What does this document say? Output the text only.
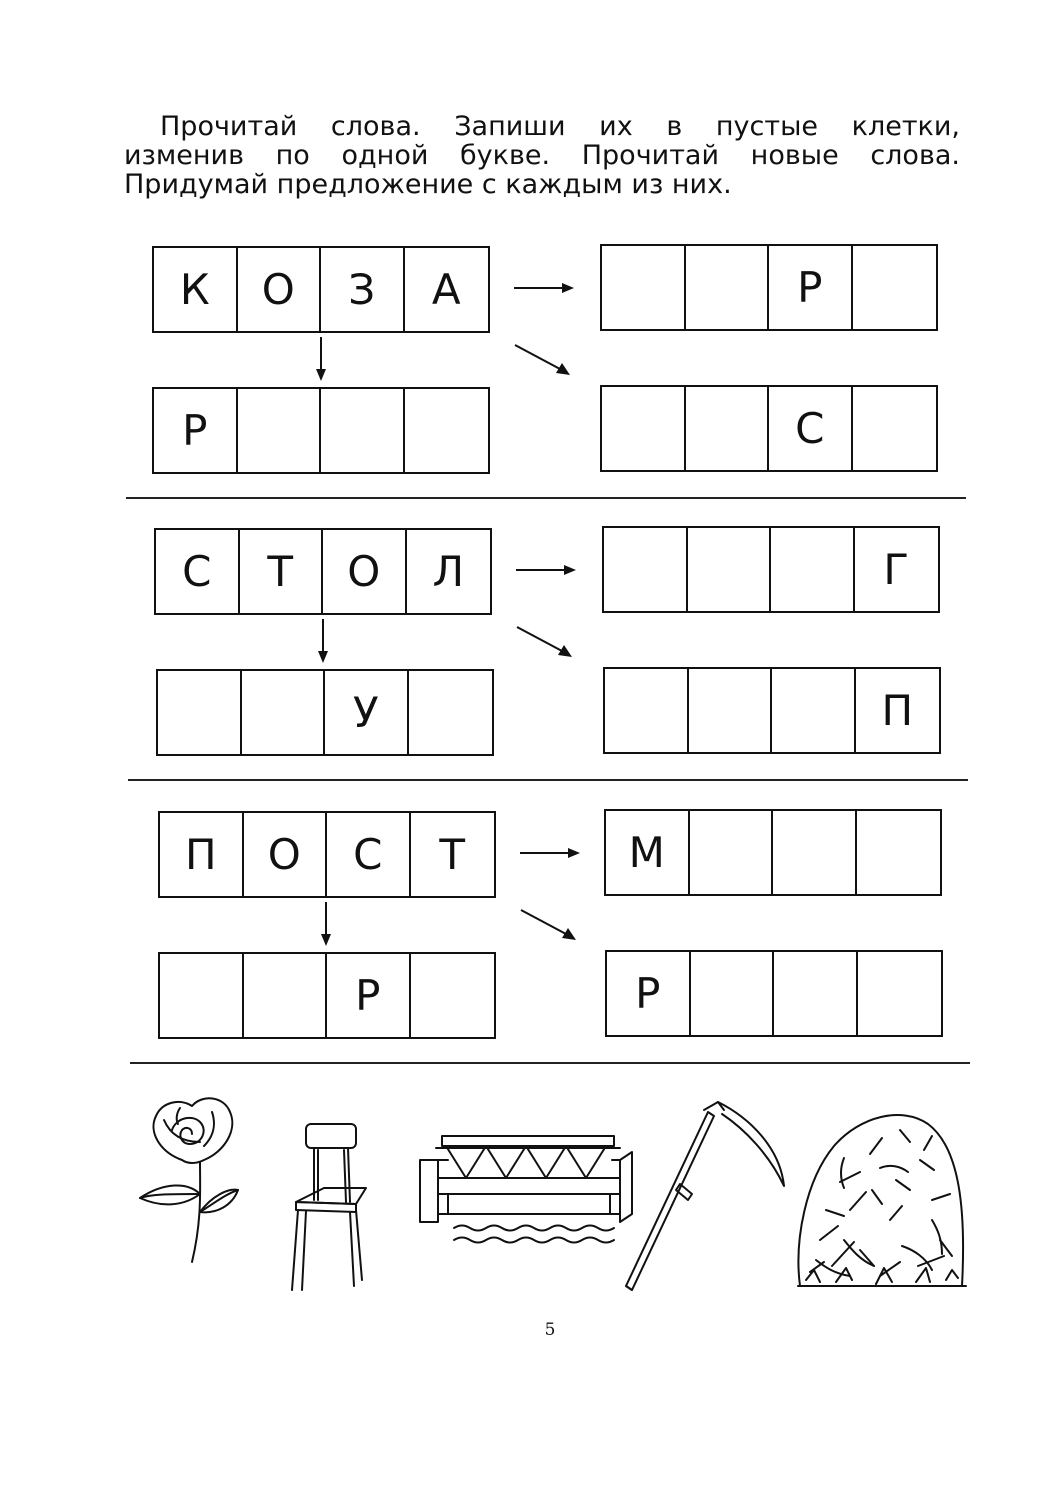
Прочитай слова. Запиши их в пустые клетки,
изменив по одной букве. Прочитай новые слова.
Придумай предложение с каждым из них.

К	О	З	А	Р
Р	С
С	Т	О	Л	Г
У	П
П	О	С	Т	М
Р	Р
5
